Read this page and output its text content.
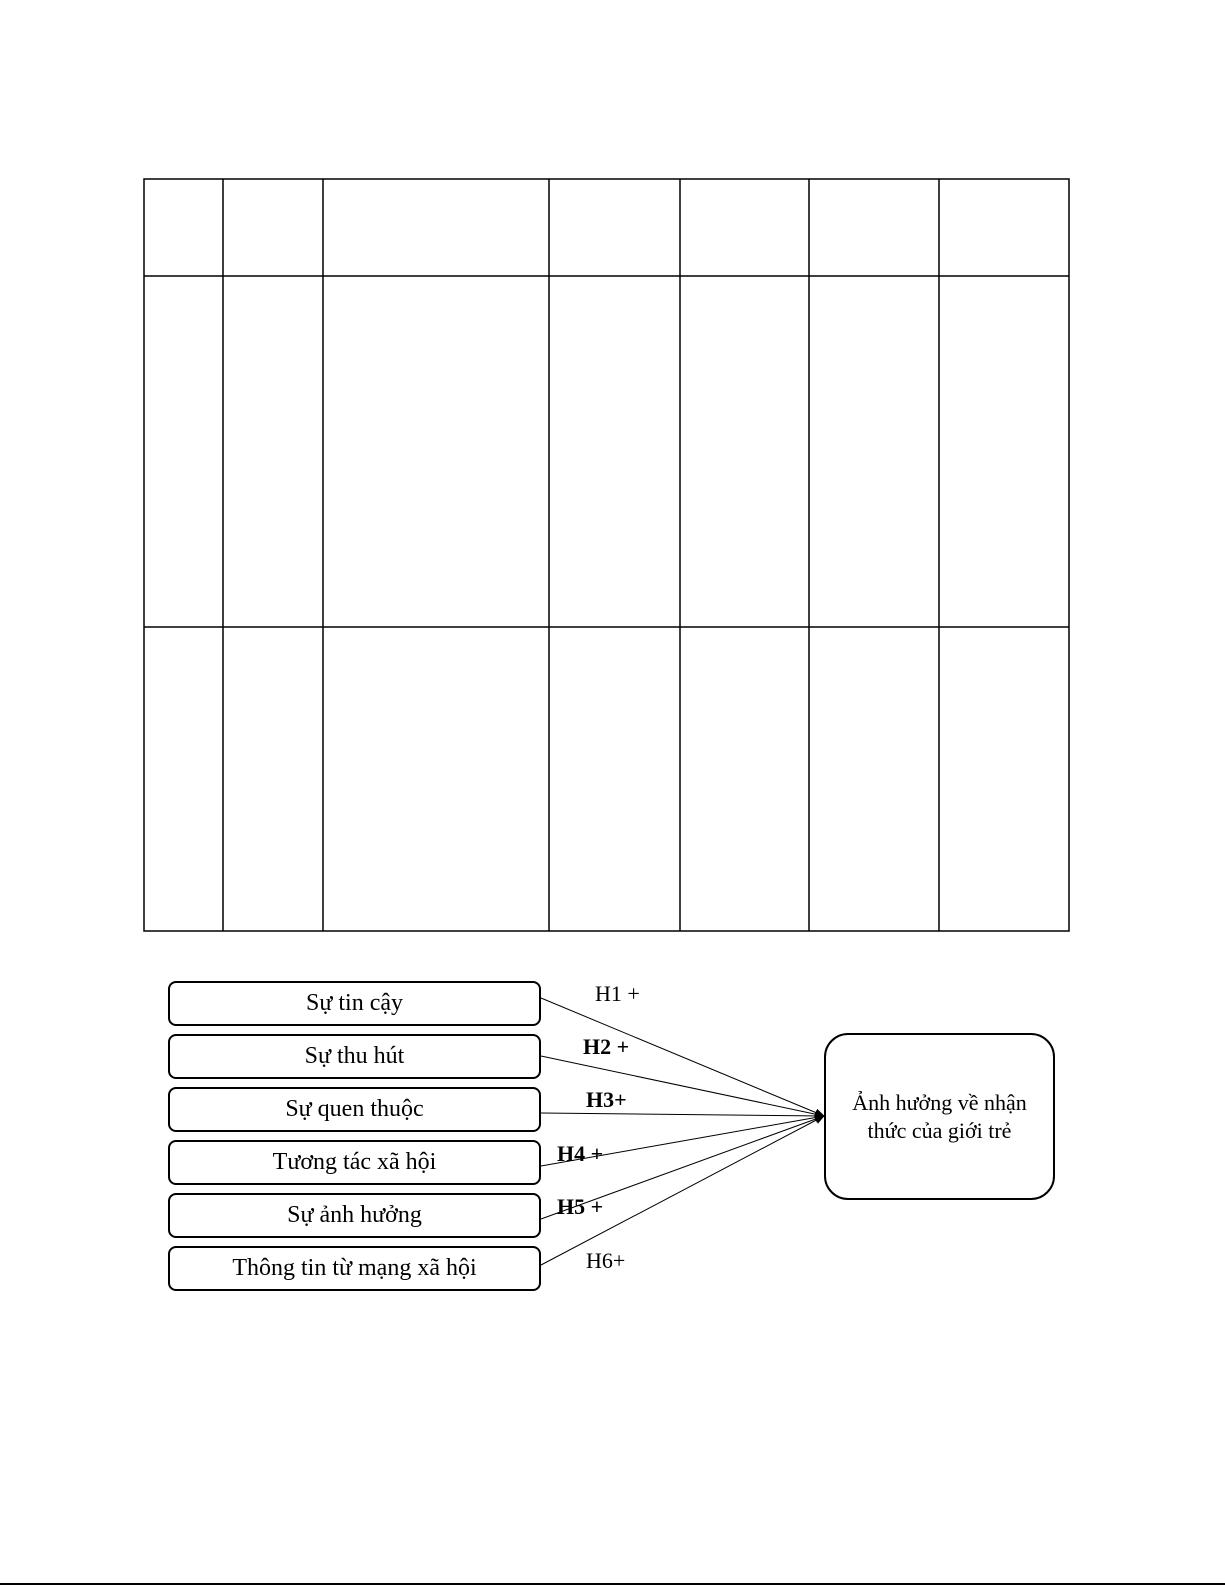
Sự tin cậy
Sự thu hút
Sự quen thuộc
Tương tác xã hội
Sự ảnh hưởng
Thông tin từ mạng xã hội
H1 +
H2 +
H3+
H4 +
H5 +
H6+
Ảnh hưởng về nhận thức của giới trẻ
